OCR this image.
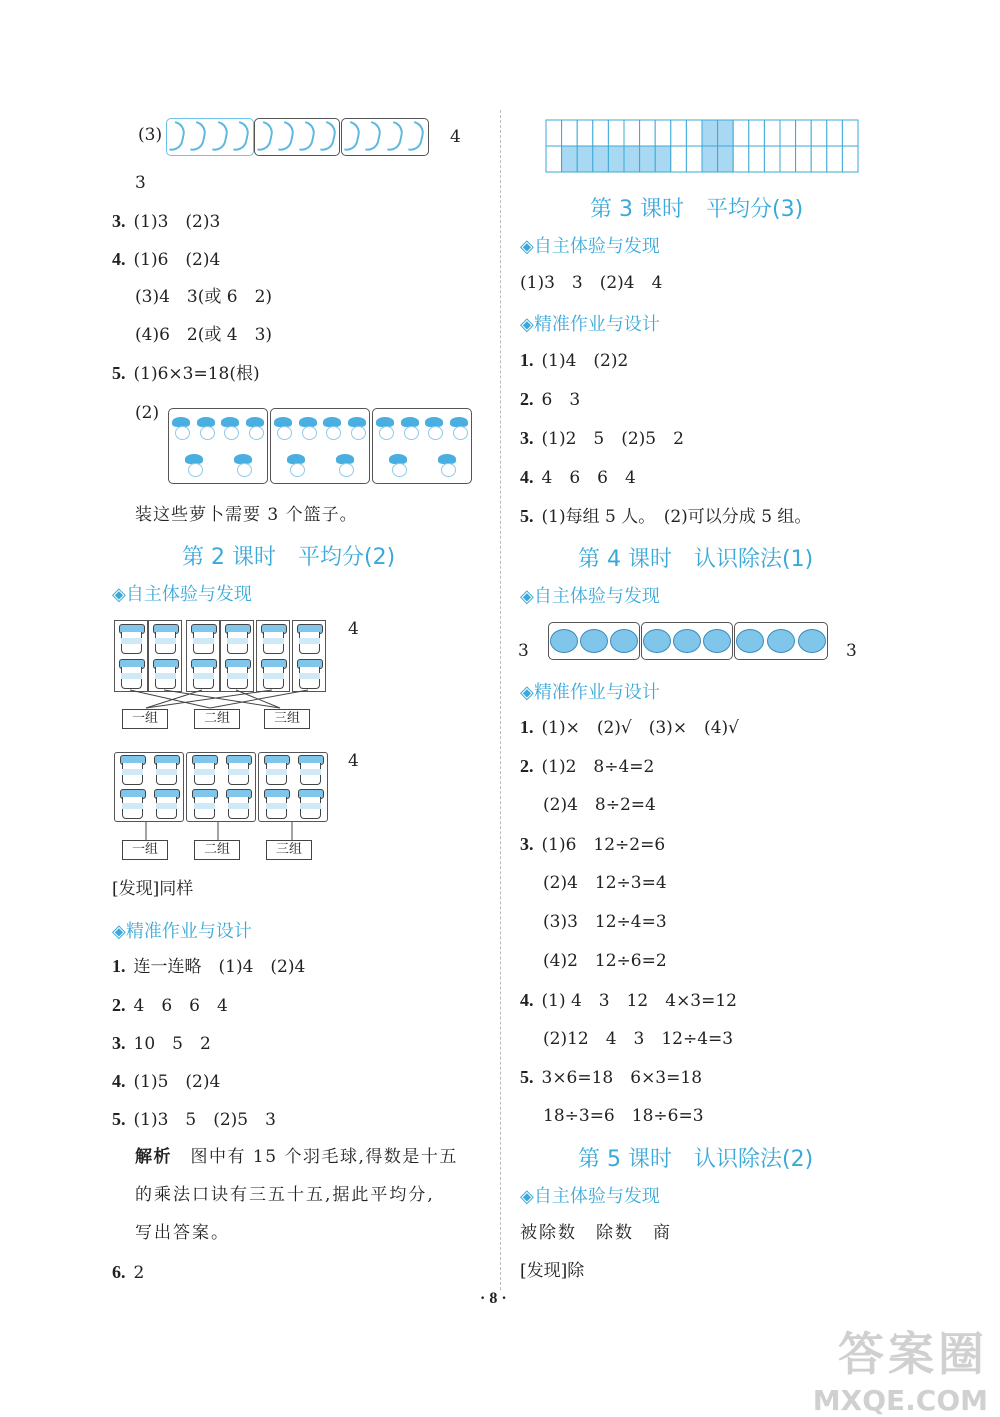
(3)	4
3
3. (1)3　(2)3
4. (1)6　(2)4
(3)4　3(或 6　2)
(4)6　2(或 4　3)
5. (1)6×3=18(根)
(2)
装这些萝卜需要 3 个篮子。
第 2 课时　平均分(2)
◈自主体验与发现
一组	二组	三组
4
一组	二组	三组
4
[发现]同样
◈精准作业与设计
1. 连一连略　(1)4　(2)4
2. 4　6　6　4
3. 10　5　2
4. (1)5　(2)4
5. (1)3　5　(2)5　3
解析　 图中有 15 个羽毛球,得数是十五
的乘法口诀有三五十五,据此平均分,
写出答案。
6. 2
第 3 课时　平均分(3)
◈自主体验与发现
(1)3　3　(2)4　4
◈精准作业与设计
1. (1)4　(2)2
2. 6　3
3. (1)2　5　(2)5　2
4. 4　6　6　4
5. (1)每组 5 人。　(2)可以分成 5 组。
第 4 课时　认识除法(1)
◈自主体验与发现
3	3
◈精准作业与设计
1. (1)×　(2)√　(3)×　(4)√
2. (1)2　8÷4=2
(2)4　8÷2=4
3. (1)6　12÷2=6
(2)4　12÷3=4
(3)3　12÷4=3
(4)2　12÷6=2
4. (1) 4　3　12　4×3=12
(2)12　4　3　12÷4=3
5. 3×6=18　6×3=18
18÷3=6　18÷6=3
第 5 课时　认识除法(2)
◈自主体验与发现
被除数　除数　商
[发现]除
· 8 ·
答案圈
MXQE.COM
